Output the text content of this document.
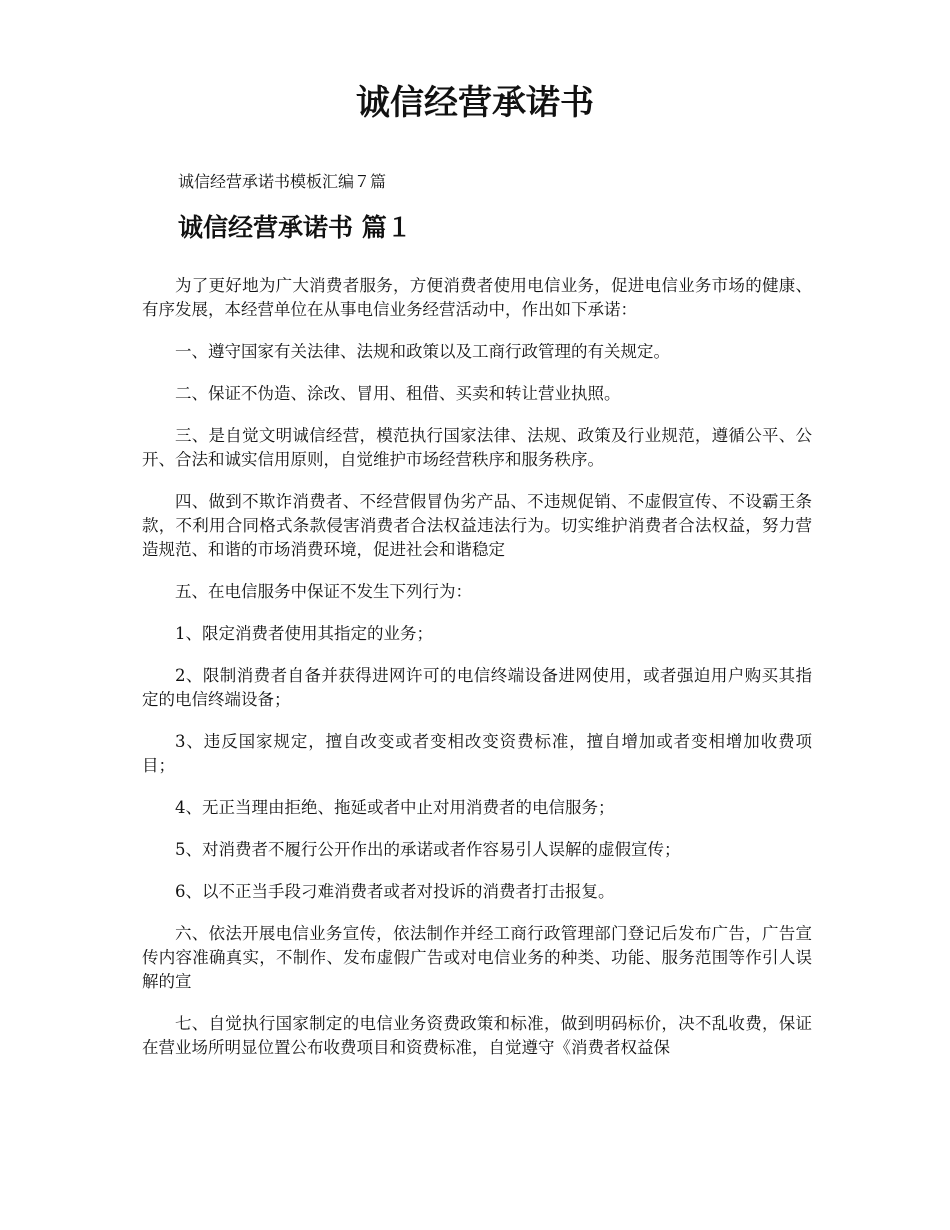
诚信经营承诺书
诚信经营承诺书模板汇编７篇
诚信经营承诺书 篇１

为了更好地为广大消费者服务，方便消费者使用电信业务，促进电信业务市场的健康、有序发展，本经营单位在从事电信业务经营活动中，作出如下承诺：

一、遵守国家有关法律、法规和政策以及工商行政管理的有关规定。

二、保证不伪造、涂改、冒用、租借、买卖和转让营业执照。

三、是自觉文明诚信经营，模范执行国家法律、法规、政策及行业规范，遵循公平、公开、合法和诚实信用原则，自觉维护市场经营秩序和服务秩序。

四、做到不欺诈消费者、不经营假冒伪劣产品、不违规促销、不虚假宣传、不设霸王条款，不利用合同格式条款侵害消费者合法权益违法行为。切实维护消费者合法权益，努力营造规范、和谐的市场消费环境，促进社会和谐稳定

五、在电信服务中保证不发生下列行为：

1、限定消费者使用其指定的业务；

2、限制消费者自备并获得进网许可的电信终端设备进网使用，或者强迫用户购买其指定的电信终端设备；

3、违反国家规定，擅自改变或者变相改变资费标准，擅自增加或者变相增加收费项目；

4、无正当理由拒绝、拖延或者中止对用消费者的电信服务；

5、对消费者不履行公开作出的承诺或者作容易引人误解的虚假宣传；

6、以不正当手段刁难消费者或者对投诉的消费者打击报复。

六、依法开展电信业务宣传，依法制作并经工商行政管理部门登记后发布广告，广告宣传内容准确真实，不制作、发布虚假广告或对电信业务的种类、功能、服务范围等作引人误解的宣

七、自觉执行国家制定的电信业务资费政策和标准，做到明码标价，决不乱收费，保证在营业场所明显位置公布收费项目和资费标准，自觉遵守《消费者权益保
